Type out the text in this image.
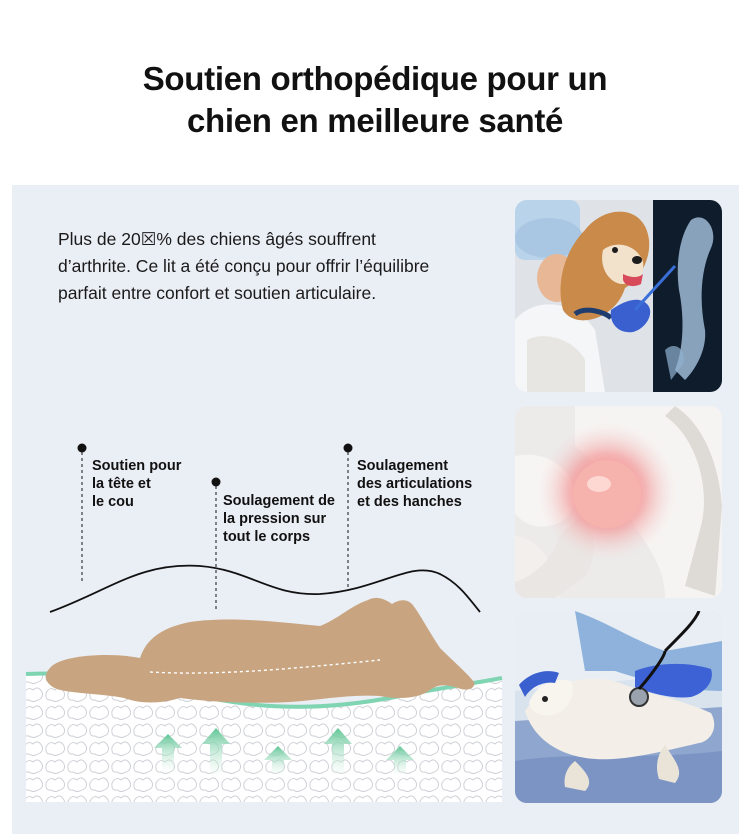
Soutien orthopédique pour un
chien en meilleure santé

Plus de 20☒% des chiens âgés souffrent d’arthrite. Ce lit a été conçu pour offrir l’équilibre parfait entre confort et soutien articulaire.

Soutien pour
la tête et
le cou	Soulagement de
la pression sur
tout le corps

Soulagement
des articulations
et des hanches
